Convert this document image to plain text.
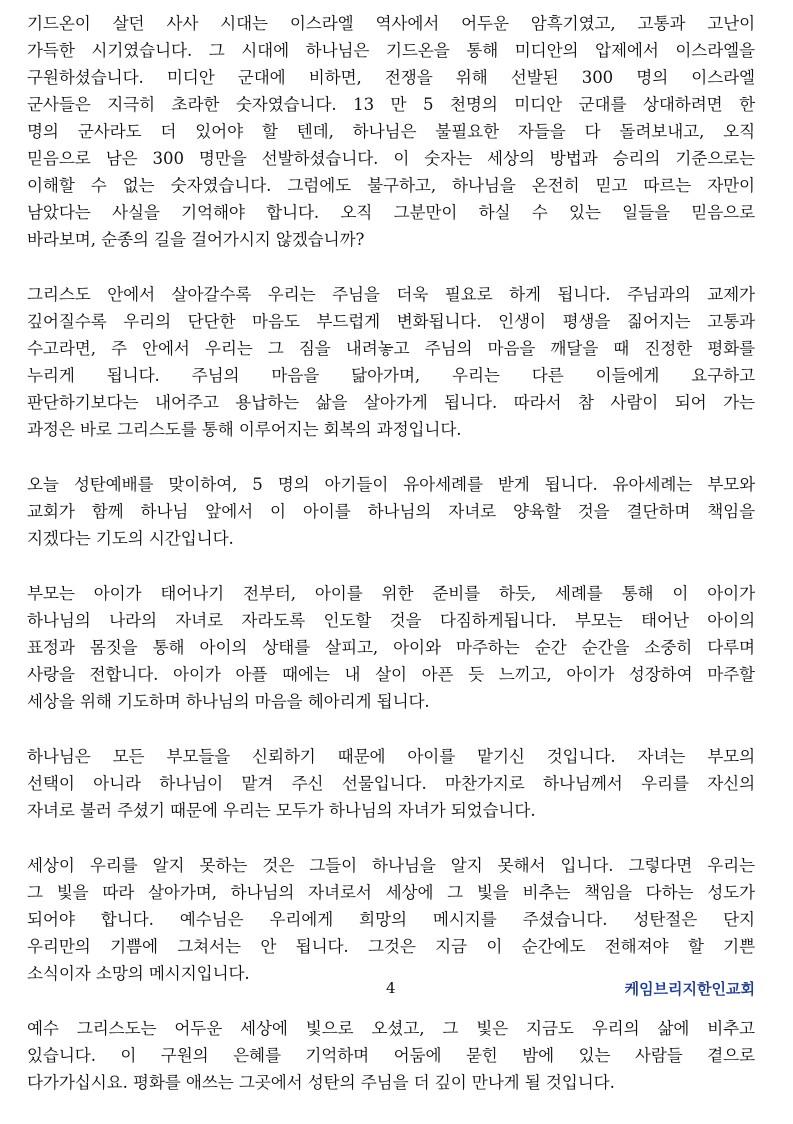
기드온이 살던 사사 시대는 이스라엘 역사에서 어두운 암흑기였고, 고통과 고난이
가득한 시기였습니다. 그 시대에 하나님은 기드온을 통해 미디안의 압제에서 이스라엘을
구원하셨습니다. 미디안 군대에 비하면, 전쟁을 위해 선발된 300 명의 이스라엘
군사들은 지극히 초라한 숫자였습니다. 13 만 5 천명의 미디안 군대를 상대하려면 한
명의 군사라도 더 있어야 할 텐데, 하나님은 불필요한 자들을 다 돌려보내고, 오직
믿음으로 남은 300 명만을 선발하셨습니다. 이 숫자는 세상의 방법과 승리의 기준으로는
이해할 수 없는 숫자였습니다. 그럼에도 불구하고, 하나님을 온전히 믿고 따르는 자만이
남았다는 사실을 기억해야 합니다. 오직 그분만이 하실 수 있는 일들을 믿음으로
바라보며, 순종의 길을 걸어가시지 않겠습니까?

그리스도 안에서 살아갈수록 우리는 주님을 더욱 필요로 하게 됩니다. 주님과의 교제가
깊어질수록 우리의 단단한 마음도 부드럽게 변화됩니다. 인생이 평생을 짊어지는 고통과
수고라면, 주 안에서 우리는 그 짐을 내려놓고 주님의 마음을 깨달을 때 진정한 평화를
누리게 됩니다. 주님의 마음을 닮아가며, 우리는 다른 이들에게 요구하고
판단하기보다는 내어주고 용납하는 삶을 살아가게 됩니다. 따라서 참 사람이 되어 가는
과정은 바로 그리스도를 통해 이루어지는 회복의 과정입니다.

오늘 성탄예배를 맞이하여, 5 명의 아기들이 유아세례를 받게 됩니다. 유아세례는 부모와
교회가 함께 하나님 앞에서 이 아이를 하나님의 자녀로 양육할 것을 결단하며 책임을
지겠다는 기도의 시간입니다.

부모는 아이가 태어나기 전부터, 아이를 위한 준비를 하듯, 세례를 통해 이 아이가
하나님의 나라의 자녀로 자라도록 인도할 것을 다짐하게됩니다. 부모는 태어난 아이의
표정과 몸짓을 통해 아이의 상태를 살피고, 아이와 마주하는 순간 순간을 소중히 다루며
사랑을 전합니다. 아이가 아플 때에는 내 살이 아픈 듯 느끼고, 아이가 성장하여 마주할
세상을 위해 기도하며 하나님의 마음을 헤아리게 됩니다.

하나님은 모든 부모들을 신뢰하기 때문에 아이를 맡기신 것입니다. 자녀는 부모의
선택이 아니라 하나님이 맡겨 주신 선물입니다. 마찬가지로 하나님께서 우리를 자신의
자녀로 불러 주셨기 때문에 우리는 모두가 하나님의 자녀가 되었습니다.

세상이 우리를 알지 못하는 것은 그들이 하나님을 알지 못해서 입니다. 그렇다면 우리는
그 빛을 따라 살아가며, 하나님의 자녀로서 세상에 그 빛을 비추는 책임을 다하는 성도가
되어야 합니다. 예수님은 우리에게 희망의 메시지를 주셨습니다. 성탄절은 단지
우리만의 기쁨에 그쳐서는 안 됩니다. 그것은 지금 이 순간에도 전해져야 할 기쁜
소식이자 소망의 메시지입니다.

예수 그리스도는 어두운 세상에 빛으로 오셨고, 그 빛은 지금도 우리의 삶에 비추고
있습니다. 이 구원의 은혜를 기억하며 어둠에 묻힌 밤에 있는 사람들 곁으로
다가가십시요. 평화를 애쓰는 그곳에서 성탄의 주님을 더 깊이 만나게 될 것입니다.

4	케임브리지한인교회
